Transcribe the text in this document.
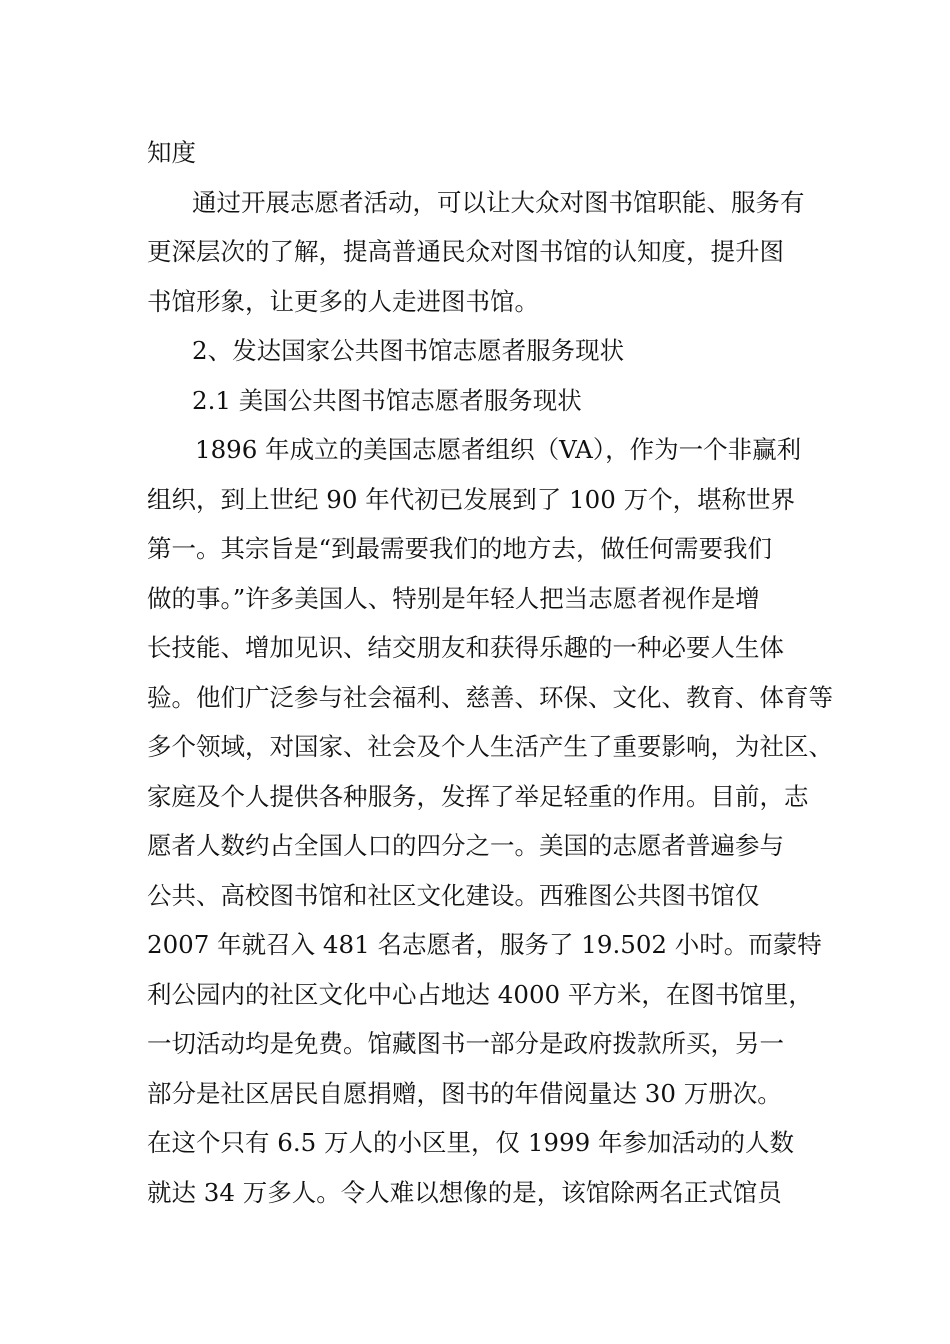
知度

通过开展志愿者活动，可以让大众对图书馆职能、服务有
更深层次的了解，提高普通民众对图书馆的认知度，提升图
书馆形象，让更多的人走进图书馆。

2、发达国家公共图书馆志愿者服务现状

2.1 美国公共图书馆志愿者服务现状

1896 年成立的美国志愿者组织（VA），作为一个非赢利
组织，到上世纪 90 年代初已发展到了 100 万个，堪称世界
第一。其宗旨是“到最需要我们的地方去，做任何需要我们
做的事。”许多美国人、特别是年轻人把当志愿者视作是增
长技能、增加见识、结交朋友和获得乐趣的一种必要人生体
验。他们广泛参与社会福利、慈善、环保、文化、教育、体育等
多个领域，对国家、社会及个人生活产生了重要影响，为社区、
家庭及个人提供各种服务，发挥了举足轻重的作用。目前，志
愿者人数约占全国人口的四分之一。美国的志愿者普遍参与
公共、高校图书馆和社区文化建设。西雅图公共图书馆仅
2007 年就召入 481 名志愿者，服务了 19.502 小时。而蒙特
利公园内的社区文化中心占地达 4000 平方米，在图书馆里，
一切活动均是免费。馆藏图书一部分是政府拨款所买，另一
部分是社区居民自愿捐赠，图书的年借阅量达 30 万册次。
在这个只有 6.5 万人的小区里，仅 1999 年参加活动的人数
就达 34 万多人。令人难以想像的是，该馆除两名正式馆员
